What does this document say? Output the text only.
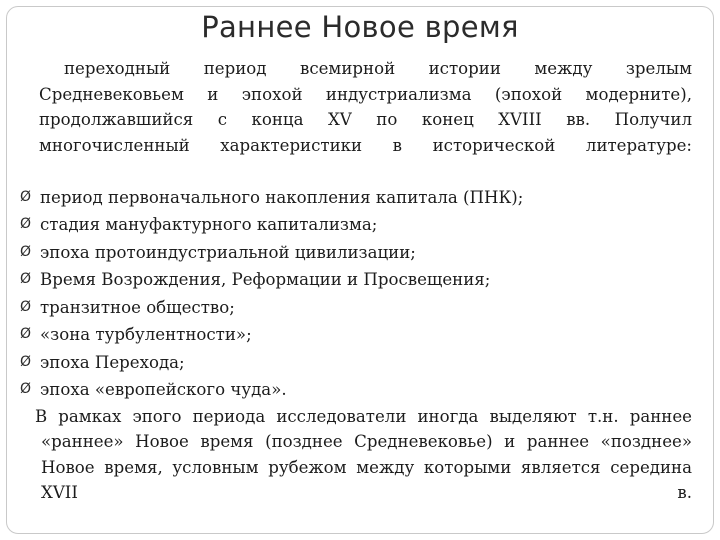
Раннее Новое время

переходный период всемирной истории между зрелым Средневековьем и эпохой индустриализма (эпохой модерните), продолжавшийся с конца XV по конец XVIII вв. Получил многочисленный характеристики в исторической литературе:

Ø период первоначального накопления капитала (ПНК);
Ø стадия мануфактурного капитализма;
Ø эпоха протоиндустриальной цивилизации;
Ø Время Возрождения, Реформации и Просвещения;
Ø транзитное общество;
Ø «зона турбулентности»;
Ø эпоха Перехода;
Ø эпоха «европейского чуда».

В рамках эпого периода исследователи иногда выделяют т.н. раннее «раннее» Новое время (позднее Средневековье) и раннее «позднее» Новое время, условным рубежом между которыми является середина XVII в.
